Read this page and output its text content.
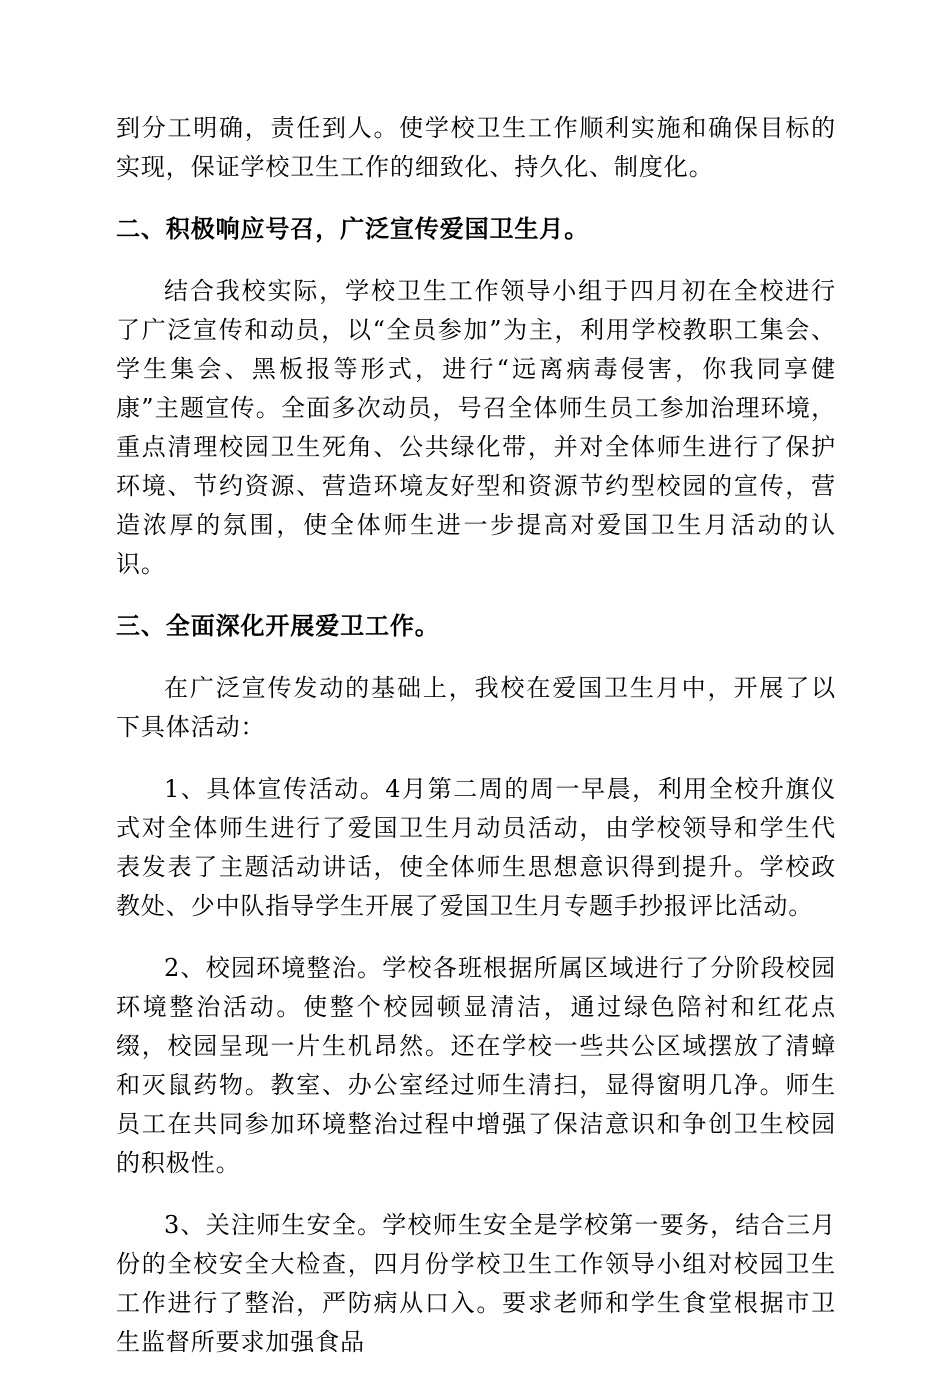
到分工明确，责任到人。使学校卫生工作顺利实施和确保目标的实现，保证学校卫生工作的细致化、持久化、制度化。

二、积极响应号召，广泛宣传爱国卫生月。

结合我校实际，学校卫生工作领导小组于四月初在全校进行了广泛宣传和动员，以“全员参加”为主，利用学校教职工集会、学生集会、黑板报等形式，进行“远离病毒侵害，你我同享健康”主题宣传。全面多次动员，号召全体师生员工参加治理环境，重点清理校园卫生死角、公共绿化带，并对全体师生进行了保护环境、节约资源、营造环境友好型和资源节约型校园的宣传，营造浓厚的氛围，使全体师生进一步提高对爱国卫生月活动的认识。

三、全面深化开展爱卫工作。

在广泛宣传发动的基础上，我校在爱国卫生月中，开展了以下具体活动：

1、具体宣传活动。4月第二周的周一早晨，利用全校升旗仪式对全体师生进行了爱国卫生月动员活动，由学校领导和学生代表发表了主题活动讲话，使全体师生思想意识得到提升。学校政教处、少中队指导学生开展了爱国卫生月专题手抄报评比活动。

2、校园环境整治。学校各班根据所属区域进行了分阶段校园环境整治活动。使整个校园顿显清洁，通过绿色陪衬和红花点缀，校园呈现一片生机昂然。还在学校一些共公区域摆放了清蟑和灭鼠药物。教室、办公室经过师生清扫，显得窗明几净。师生员工在共同参加环境整治过程中增强了保洁意识和争创卫生校园的积极性。

3、关注师生安全。学校师生安全是学校第一要务，结合三月份的全校安全大检查，四月份学校卫生工作领导小组对校园卫生工作进行了整治，严防病从口入。要求老师和学生食堂根据市卫生监督所要求加强食品
